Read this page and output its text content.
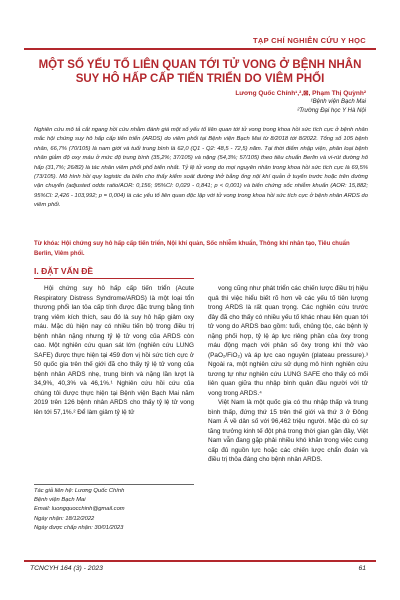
TẠP CHÍ NGHIÊN CỨU Y HỌC
MỘT SỐ YẾU TỐ LIÊN QUAN TỚI TỬ VONG Ở BỆNH NHÂN SUY HÔ HẤP CẤP TIẾN TRIỂN DO VIÊM PHỔI
Lương Quốc Chính¹,²,⊠, Phạm Thị Quỳnh²
¹Bệnh viện Bạch Mai
²Trường Đại học Y Hà Nội

Nghiên cứu mô tả cắt ngang hồi cứu nhằm đánh giá một số yếu tố liên quan tới tử vong trong khoa hồi sức tích cực ở bệnh nhân mắc hội chứng suy hô hấp cấp tiến triển (ARDS) do viêm phổi tại Bệnh viện Bạch Mai từ 8/2018 tới 8/2022. Tổng số 105 bệnh nhân, 66,7% (70/105) là nam giới và tuổi trung bình là 62,0 (Q1 - Q2: 48,5 - 72,5) năm. Tại thời điểm nhập viện, phân loại bệnh nhân giảm độ oxy máu ở mức độ trung bình (35,2%; 37/105) và nặng (54,3%; 57/105) theo tiêu chuẩn Berlin và vi-rút đường hô hấp (31,7%; 26/82) là tác nhân viêm phổi phổ biến nhất. Tỷ lệ tử vong do mọi nguyên nhân trong khoa hồi sức tích cực là 69,5% (73/105). Mô hình hồi quy logistic đa biến cho thấy kiểm soát đường thở bằng ống nội khí quản ở tuyến trước hoặc trên đường vận chuyển (adjusted odds ratio/AOR: 0,156; 95%CI: 0,029 - 0,841; p < 0,001) và biến chứng sốc nhiễm khuẩn (AOR: 15,882; 95%CI: 2,426 - 103,992; p = 0,004) là các yếu tố liên quan độc lập với tử vong trong khoa hồi sức tích cực ở bệnh nhân ARDS do viêm phổi.

Từ khóa: Hội chứng suy hô hấp cấp tiến triển, Nội khí quản, Sốc nhiễm khuẩn, Thông khí nhân tạo, Tiêu chuẩn Berlin, Viêm phổi.

I. ĐẶT VẤN ĐỀ

Hội chứng suy hô hấp cấp tiến triển (Acute Respiratory Distress Syndrome/ARDS) là một loại tổn thương phổi lan tỏa cấp tính được đặc trưng bằng tình trạng viêm kích thích, sau đó là suy hô hấp giảm oxy máu. Mặc dù hiện nay có nhiều tiến bộ trong điều trị bệnh nhân nặng nhưng tỷ lệ tử vong của ARDS còn cao. Một nghiên cứu quan sát lớn (nghiên cứu LUNG SAFE) được thực hiện tại 459 đơn vị hồi sức tích cực ở 50 quốc gia trên thế giới đã cho thấy tỷ lệ tử vong của bệnh nhân ARDS nhẹ, trung bình và nặng lần lượt là 34,9%, 40,3% và 46,1%.¹ Nghiên cứu hồi cứu của chúng tôi được thực hiện tại Bệnh viện Bạch Mai năm 2019 trên 126 bệnh nhân ARDS cho thấy tỷ lệ tử vong lên tới 57,1%.² Để làm giảm tỷ lệ tử

vong cũng như phát triển các chiến lược điều trị hiệu quả thì việc hiểu biết rõ hơn về các yếu tố tiên lượng trong ARDS là rất quan trọng. Các nghiên cứu trước đây đã cho thấy có nhiều yếu tố khác nhau liên quan tới tử vong do ARDS bao gồm: tuổi, chủng tộc, các bệnh lý nặng phối hợp, tỷ lệ áp lực riêng phần của ôxy trong máu động mạch với phân số ôxy trong khí thở vào (PaO₂/FiO₂) và áp lực cao nguyên (plateau pressure).³ Ngoài ra, một nghiên cứu sử dụng mô hình nghiên cứu tương tự như nghiên cứu LUNG SAFE cho thấy có mối liên quan giữa thu nhập bình quân đầu người với tử vong trong ARDS.⁴

Việt Nam là một quốc gia có thu nhập thấp và trung bình thấp, đứng thứ 15 trên thế giới và thứ 3 ở Đông Nam Á về dân số với 96,462 triệu người. Mặc dù có sự tăng trưởng kinh tế đột phá trong thời gian gần đây, Việt Nam vẫn đang gặp phải nhiều khó khăn trong việc cung cấp đủ nguồn lực hoặc các chiến lược chẩn đoán và điều trị thỏa đáng cho bệnh nhân ARDS.

Tác giả liên hệ: Lương Quốc Chính
Bệnh viện Bạch Mai
Email: luongquocchinh@gmail.com
Ngày nhận: 18/12/2022
Ngày được chấp nhận: 30/01/2023
TCNCYH 164 (3) - 2023	61
